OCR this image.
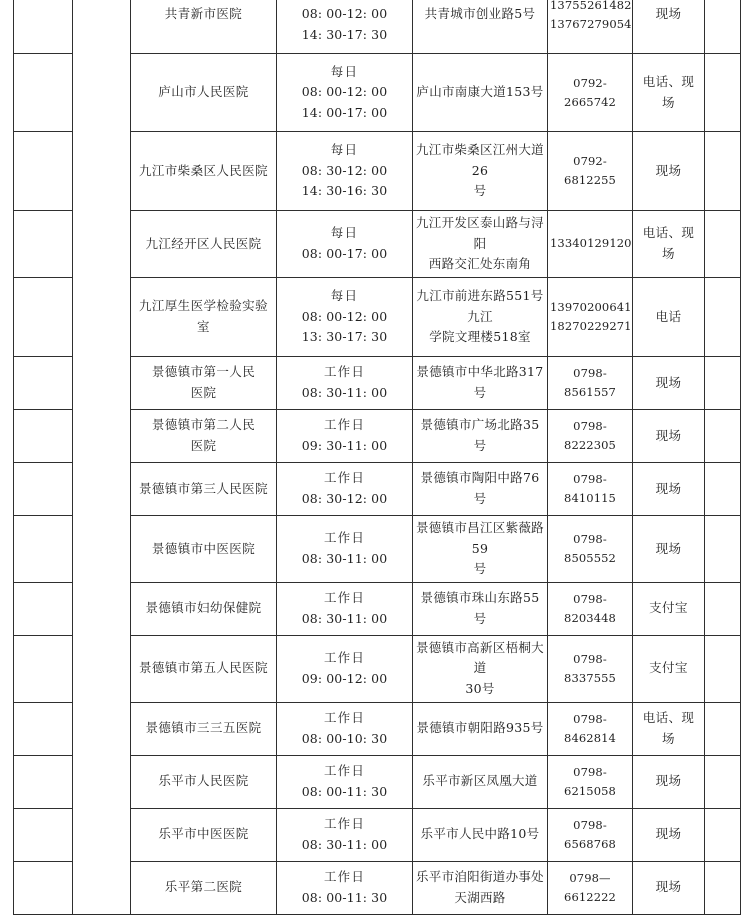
		共青新市医院	08: 00-12: 00
14: 30-17: 30	共青城市创业路5号	13755261482
13767279054	现场	

		庐山市人民医院	每日
08: 00-12: 00
14: 00-17: 00	庐山市南康大道153号	0792-2665742	电话、现
场	

		九江市柴桑区人民医院	每日
08: 30-12: 00
14: 30-16: 30	九江市柴桑区江州大道26
号	0792-6812255	现场	

		九江经开区人民医院	每日
08: 00-17: 00	九江开发区泰山路与浔阳
西路交汇处东南角	13340129120	电话、现
场	

		九江厚生医学检验实验
室	每日
08: 00-12: 00
13: 30-17: 30	九江市前进东路551号九江
学院文理楼518室	13970200641
18270229271	电话	

		景德镇市第一人民
医院	工作日
08: 30-11: 00	景德镇市中华北路317号	0798-8561557	现场	

		景德镇市第二人民
医院	工作日
09: 30-11: 00	景德镇市广场北路35号	0798-8222305	现场	

		景德镇市第三人民医院	工作日
08: 30-12: 00	景德镇市陶阳中路76号	0798-8410115	现场	

		景德镇市中医医院	工作日
08: 30-11: 00	景德镇市昌江区紫薇路59
号	0798-8505552	现场	

		景德镇市妇幼保健院	工作日
08: 30-11: 00	景德镇市珠山东路55号	0798-8203448	支付宝	

		景德镇市第五人民医院	工作日
09: 00-12: 00	景德镇市高新区梧桐大道
30号	0798-8337555	支付宝	

		景德镇市三三五医院	工作日
08: 00-10: 30	景德镇市朝阳路935号	0798-8462814	电话、现
场	

		乐平市人民医院	工作日
08: 00-11: 30	乐平市新区凤凰大道	0798-6215058	现场	

		乐平市中医医院	工作日
08: 30-11: 00	乐平市人民中路10号	0798-6568768	现场	

		乐平第二医院	工作日
08: 00-11: 30	乐平市洎阳街道办事处
天湖西路	0798—
6612222	现场	
